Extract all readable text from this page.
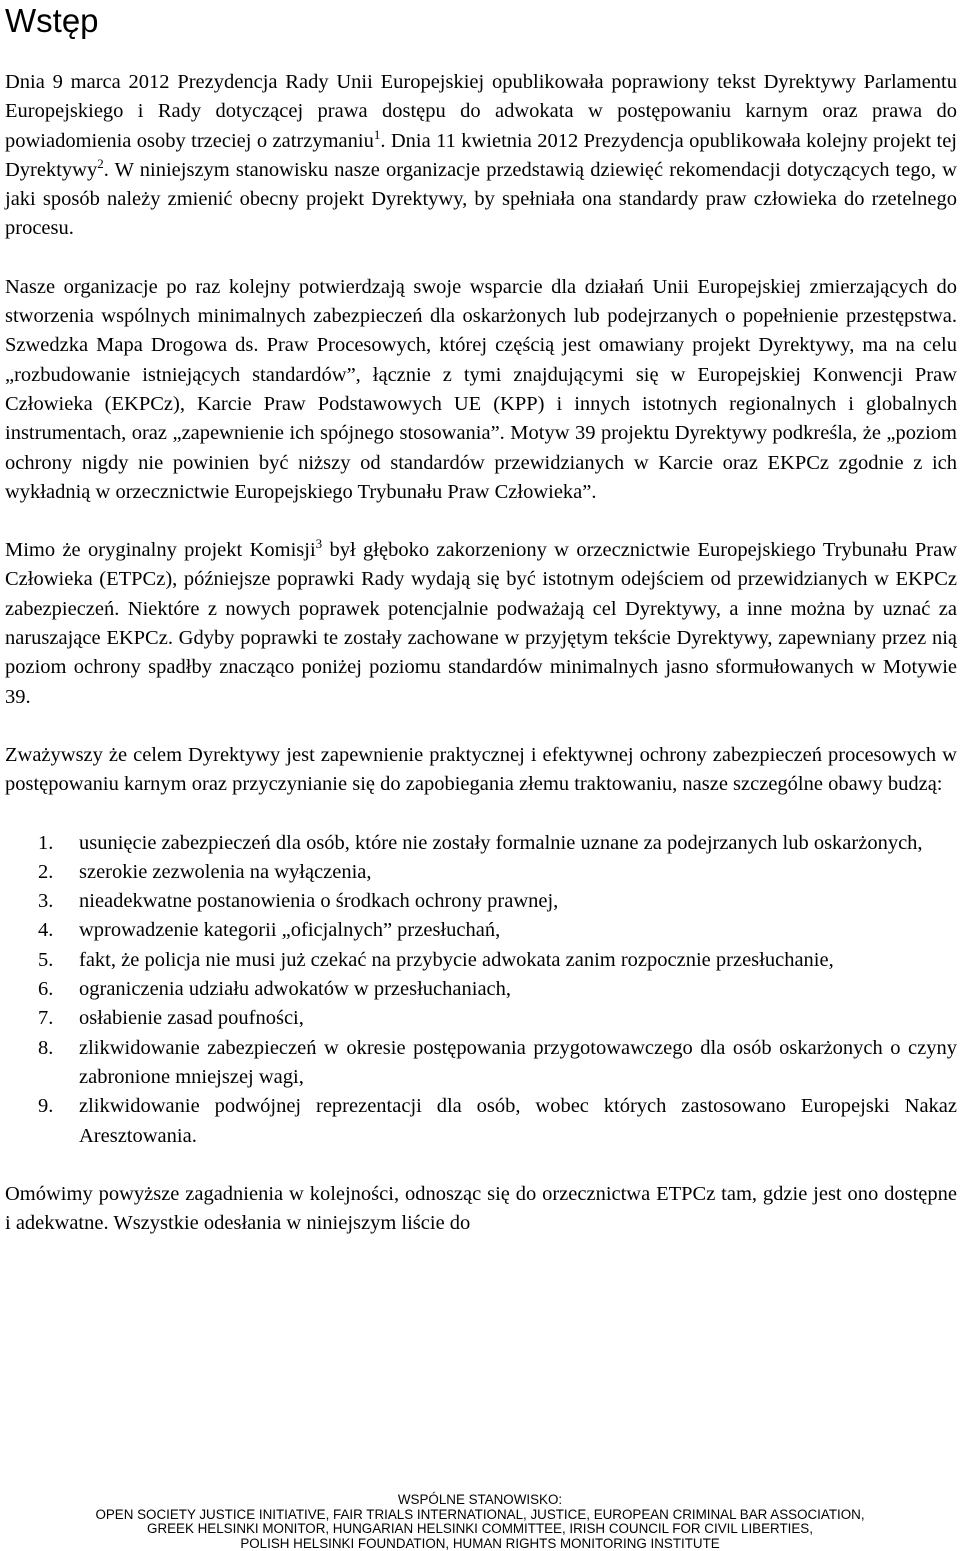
Wstęp

Dnia 9 marca 2012 Prezydencja Rady Unii Europejskiej opublikowała poprawiony tekst Dyrektywy Parlamentu Europejskiego i Rady dotyczącej prawa dostępu do adwokata w postępowaniu karnym oraz prawa do powiadomienia osoby trzeciej o zatrzymaniu$^1$. Dnia 11 kwietnia 2012 Prezydencja opublikowała kolejny projekt tej Dyrektywy$^2$. W niniejszym stanowisku nasze organizacje przedstawią dziewięć rekomendacji dotyczących tego, w jaki sposób należy zmienić obecny projekt Dyrektywy, by spełniała ona standardy praw człowieka do rzetelnego procesu.

Nasze organizacje po raz kolejny potwierdzają swoje wsparcie dla działań Unii Europejskiej zmierzających do stworzenia wspólnych minimalnych zabezpieczeń dla oskarżonych lub podejrzanych o popełnienie przestępstwa. Szwedzka Mapa Drogowa ds. Praw Procesowych, której częścią jest omawiany projekt Dyrektywy, ma na celu „rozbudowanie istniejących standardów”, łącznie z tymi znajdującymi się w Europejskiej Konwencji Praw Człowieka (EKPCz), Karcie Praw Podstawowych UE (KPP) i innych istotnych regionalnych i globalnych instrumentach, oraz „zapewnienie ich spójnego stosowania”. Motyw 39 projektu Dyrektywy podkreśla, że „poziom ochrony nigdy nie powinien być niższy od standardów przewidzianych w Karcie oraz EKPCz zgodnie z ich wykładnią w orzecznictwie Europejskiego Trybunału Praw Człowieka”.

Mimo że oryginalny projekt Komisji$^3$ był głęboko zakorzeniony w orzecznictwie Europejskiego Trybunału Praw Człowieka (ETPCz), późniejsze poprawki Rady wydają się być istotnym odejściem od przewidzianych w EKPCz zabezpieczeń. Niektóre z nowych poprawek potencjalnie podważają cel Dyrektywy, a inne można by uznać za naruszające EKPCz. Gdyby poprawki te zostały zachowane w przyjętym tekście Dyrektywy, zapewniany przez nią poziom ochrony spadłby znacząco poniżej poziomu standardów minimalnych jasno sformułowanych w Motywie 39.

Zważywszy że celem Dyrektywy jest zapewnienie praktycznej i efektywnej ochrony zabezpieczeń procesowych w postępowaniu karnym oraz przyczynianie się do zapobiegania złemu traktowaniu, nasze szczególne obawy budzą:

1. usunięcie zabezpieczeń dla osób, które nie zostały formalnie uznane za podejrzanych lub oskarżonych,
2. szerokie zezwolenia na wyłączenia,
3. nieadekwatne postanowienia o środkach ochrony prawnej,
4. wprowadzenie kategorii „oficjalnych” przesłuchań,
5. fakt, że policja nie musi już czekać na przybycie adwokata zanim rozpocznie przesłuchanie,
6. ograniczenia udziału adwokatów w przesłuchaniach,
7. osłabienie zasad poufności,
8. zlikwidowanie zabezpieczeń w okresie postępowania przygotowawczego dla osób oskarżonych o czyny zabronione mniejszej wagi,
9. zlikwidowanie podwójnej reprezentacji dla osób, wobec których zastosowano Europejski Nakaz Aresztowania.

Omówimy powyższe zagadnienia w kolejności, odnosząc się do orzecznictwa ETPCz tam, gdzie jest ono dostępne i adekwatne. Wszystkie odesłania w niniejszym liście do

WSPÓLNE STANOWISKO:
OPEN SOCIETY JUSTICE INITIATIVE, FAIR TRIALS INTERNATIONAL, JUSTICE, EUROPEAN CRIMINAL BAR ASSOCIATION,
GREEK HELSINKI MONITOR, HUNGARIAN HELSINKI COMMITTEE, IRISH COUNCIL FOR CIVIL LIBERTIES,
POLISH HELSINKI FOUNDATION, HUMAN RIGHTS MONITORING INSTITUTE
